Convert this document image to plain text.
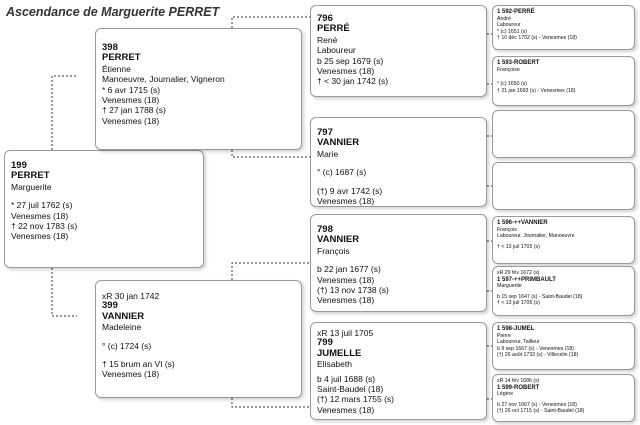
Ascendance de Marguerite PERRET
199
PERRET
Marguerite
* 27 juil 1762 (s)
Venesmes (18)
† 22 nov 1783 (s)
Venesmes (18)
398
PERRET
Étienne
Manoeuvre, Journalier, Vigneron
* 6 avr 1715 (s)
Venesmes (18)
† 27 jan 1788 (s)
Venesmes (18)
xR 30 jan 1742
399
VANNIER
Madeleine
° (c) 1724 (s)
† 15 brum an VI (s)
Venesmes (18)
796
PERRÉ
René
Laboureur
b 25 sep 1679 (s)
Venesmes (18)
† < 30 jan 1742 (s)
797
VANNIER
Marie
° (c) 1687 (s)
(†) 9 avr 1742 (s)
Venesmes (18)
798
VANNIER
François
b 22 jan 1677 (s)
Venesmes (18)
(†) 13 nov 1738 (s)
Venesmes (18)
xR 13 juil 1705
799
JUMELLE
Elisabeth
b 4 juil 1688 (s)
Saint-Baudel (18)
(†) 12 mars 1755 (s)
Venesmes (18)
1 592-PERRÉ
André
Laboureur
° (c) 1651 (s)
† 10 déc 1702 (s) - Venesmes (18)
1 593-ROBERT
Françoise
° (c) 1650 (s)
† 21 jan 1693 (s) - Venesmes (18)
1 596-++VANNIER
François
Laboureur, Journalier, Manoeuvre
† < 13 juil 1705 (s)
xR 29 fév 1672 (s)
1 597-++PRIMBAULT
Marguerite
b 15 sep 1647 (s) - Saint-Baudel (18)
† < 13 juil 1705 (s)
1 598-JUMEL
Pierre
Laboureur, Tailleur
b 9 sep 1667 (s) - Venesmes (18)
(†) 26 août 1733 (s) - Villecelin (18)
xR 14 fév 1686 (s)
1 599-ROBERT
Légère
b 27 nov 1667 (s) - Venesmes (18)
(†) 26 oct 1715 (s) - Saint-Baudel (18)
